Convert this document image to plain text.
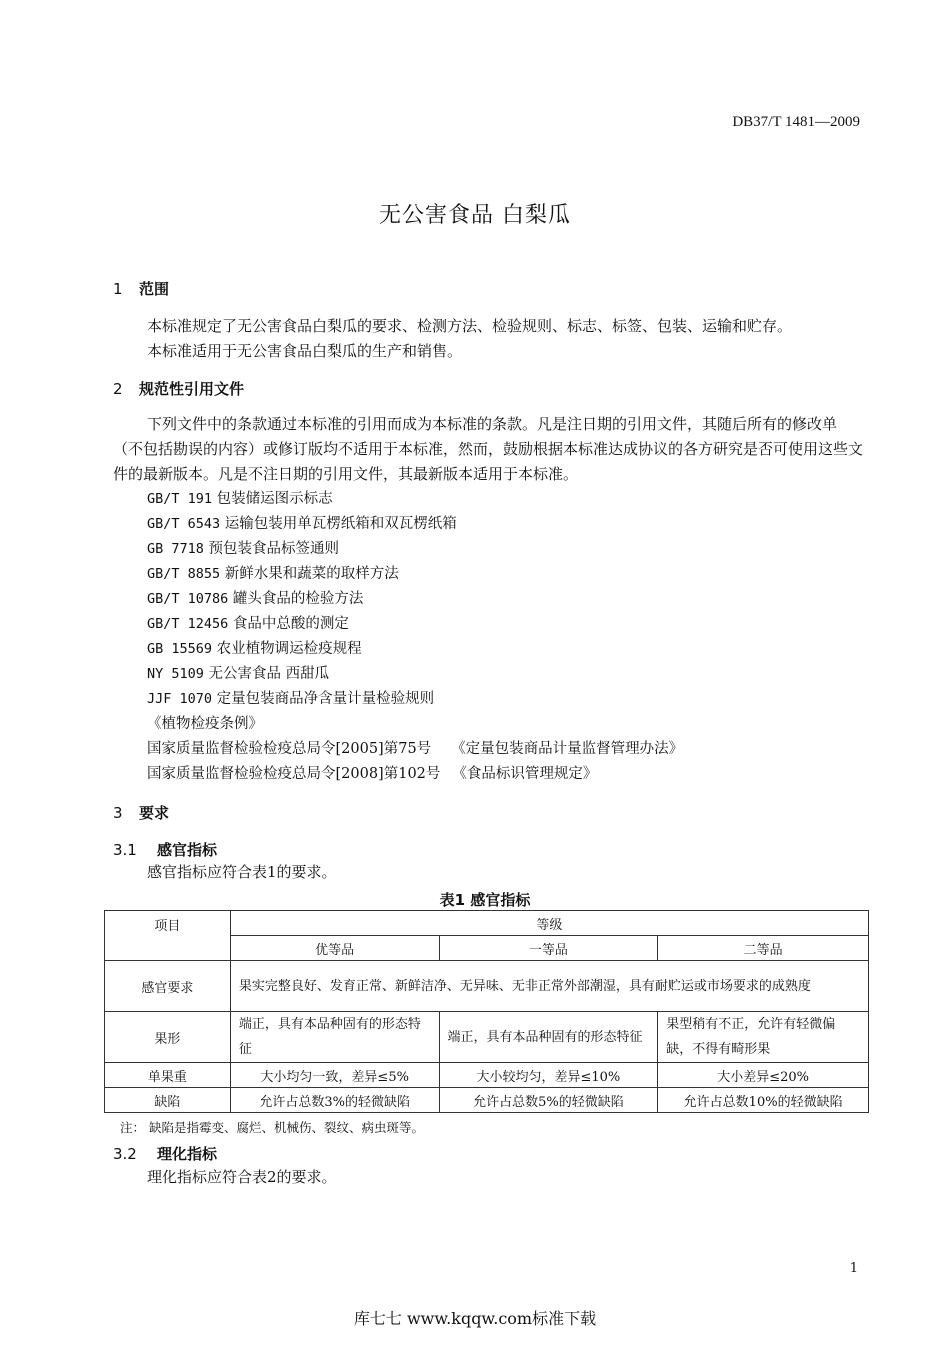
DB37/T 1481—2009
无公害食品 白梨瓜
1 范围
本标准规定了无公害食品白梨瓜的要求、检测方法、检验规则、标志、标签、包装、运输和贮存。
本标准适用于无公害食品白梨瓜的生产和销售。
2 规范性引用文件
下列文件中的条款通过本标准的引用而成为本标准的条款。凡是注日期的引用文件，其随后所有的修改单（不包括勘误的内容）或修订版均不适用于本标准，然而，鼓励根据本标准达成协议的各方研究是否可使用这些文件的最新版本。凡是不注日期的引用文件，其最新版本适用于本标准。
GB/T 191 包装储运图示标志
GB/T 6543 运输包装用单瓦楞纸箱和双瓦楞纸箱
GB 7718 预包装食品标签通则
GB/T 8855 新鲜水果和蔬菜的取样方法
GB/T 10786 罐头食品的检验方法
GB/T 12456 食品中总酸的测定
GB 15569 农业植物调运检疫规程
NY 5109 无公害食品 西甜瓜
JJF 1070 定量包装商品净含量计量检验规则
《植物检疫条例》
国家质量监督检验检疫总局令[2005]第75号 《定量包装商品计量监督管理办法》
国家质量监督检验检疫总局令[2008]第102号 《食品标识管理规定》
3 要求
3.1 感官指标
感官指标应符合表1的要求。
表1 感官指标
项目	等级		
	优等品	一等品	二等品
感官要求	果实完整良好、发育正常、新鲜洁净、无异味、无非正常外部潮湿，具有耐贮运或市场要求的成熟度		
果形	端正，具有本品种固有的形态特征	端正，具有本品种固有的形态特征	果型稍有不正，允许有轻微偏缺，不得有畸形果
单果重	大小均匀一致，差异≤5%	大小较均匀，差异≤10%	大小差异≤20%
缺陷	允许占总数3%的轻微缺陷	允许占总数5%的轻微缺陷	允许占总数10%的轻微缺陷
注： 缺陷是指霉变、腐烂、机械伤、裂纹、病虫斑等。
3.2 理化指标
理化指标应符合表2的要求。
1
库七七 www.kqqw.com标准下载
